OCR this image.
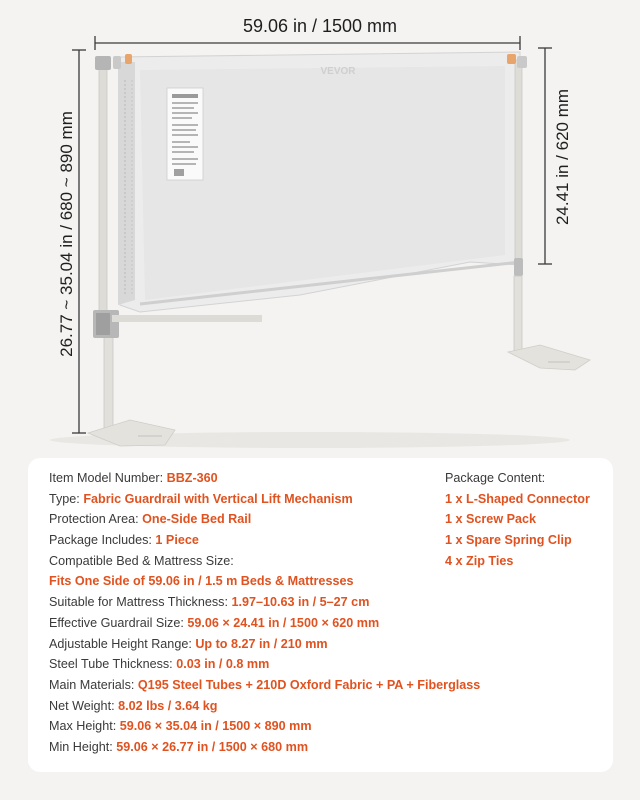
VEVOR
59.06 in / 1500 mm
26.77 ~ 35.04 in / 680 ~ 890 mm	24.41 in / 620 mm
Item Model Number: BBZ-360
Type: Fabric Guardrail with Vertical Lift Mechanism
Protection Area: One-Side Bed Rail
Package Includes: 1 Piece
Compatible Bed & Mattress Size:
Fits One Side of 59.06 in / 1.5 m Beds & Mattresses
Suitable for Mattress Thickness: 1.97–10.63 in / 5–27 cm
Effective Guardrail Size: 59.06 × 24.41 in / 1500 × 620 mm
Adjustable Height Range: Up to 8.27 in / 210 mm
Steel Tube Thickness: 0.03 in / 0.8 mm
Main Materials: Q195 Steel Tubes + 210D Oxford Fabric + PA + Fiberglass
Net Weight: 8.02 lbs / 3.64 kg
Max Height: 59.06 × 35.04 in / 1500 × 890 mm
Min Height: 59.06 × 26.77 in / 1500 × 680 mm
Package Content:
1 x L-Shaped Connector
1 x Screw Pack
1 x Spare Spring Clip
4 x Zip Ties
